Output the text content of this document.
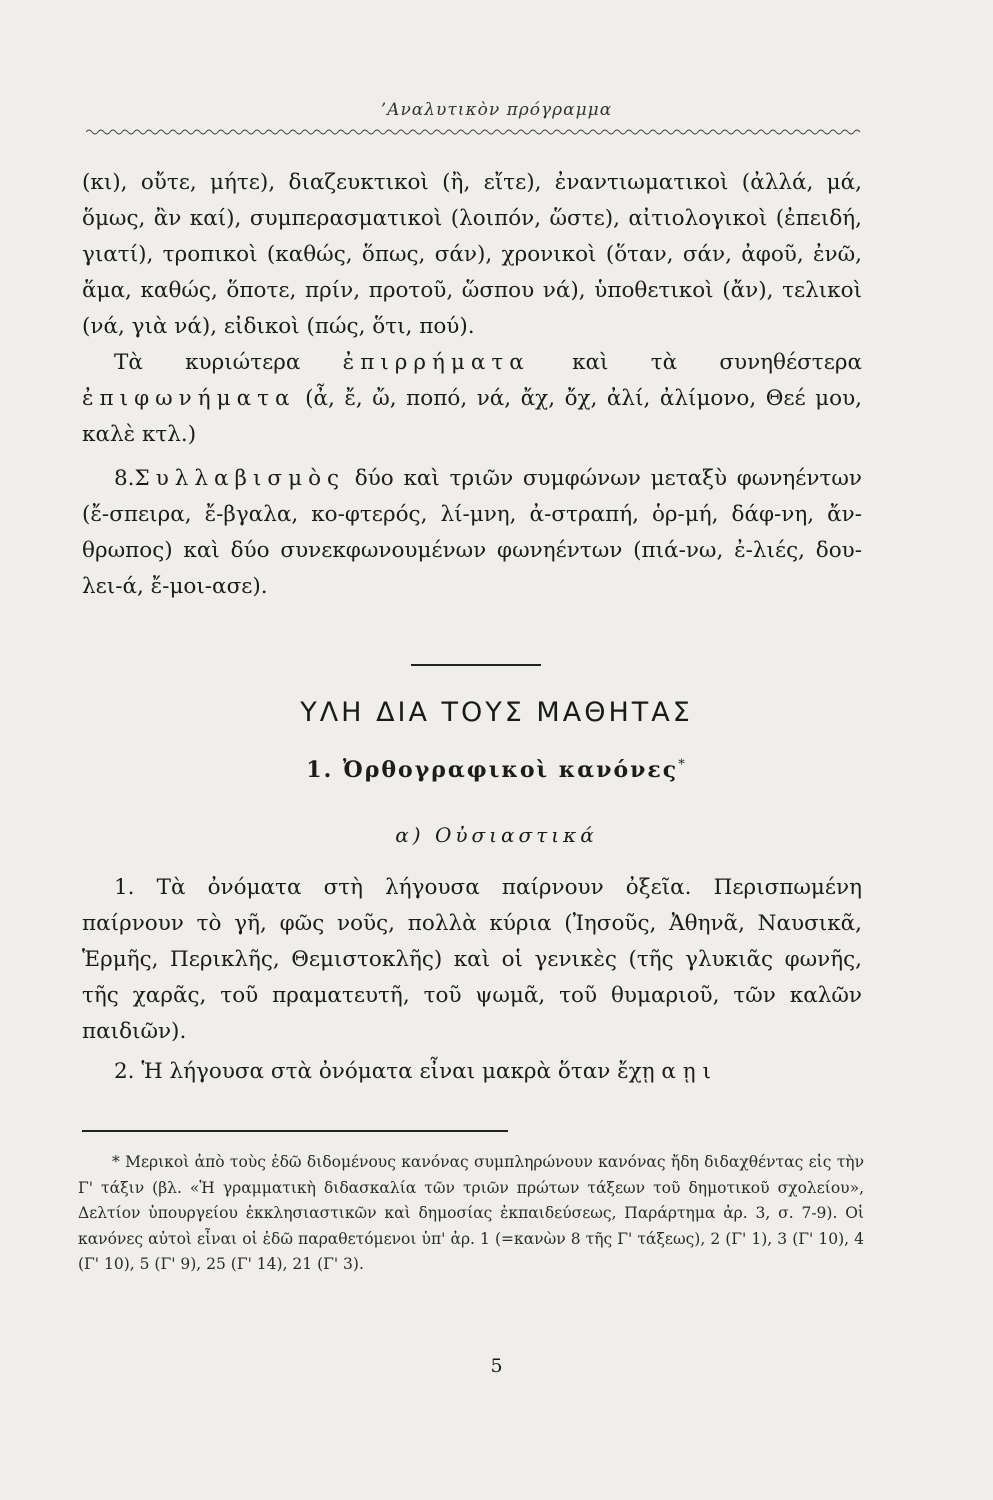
’Αναλυτικὸν πρόγραμμα

(κι), οὔτε, μήτε), διαζευκτικοὶ (ἢ, εἴτε), ἐναντιωματικοὶ (ἀλλά, μά, ὅμως, ἂν καί), συμπερασματικοὶ (λοιπόν, ὥστε), αἰτιολογικοὶ (ἐπειδή, γιατί), τροπικοὶ (καθώς, ὅπως, σάν), χρονικοὶ (ὅταν, σάν, ἀφοῦ, ἐνῶ, ἅμα, καθώς, ὅποτε, πρίν, προτοῦ, ὥσπου νά), ὑποθετικοὶ (ἄν), τελικοὶ (νά, γιὰ νά), εἰδικοὶ (πώς, ὅτι, πού).

Τὰ κυριώτερα ἐπιρρήματα καὶ τὰ συνηθέστερα ἐπιφωνήματα (ἆ, ἔ, ὤ, ποπό, νά, ἄχ, ὄχ, ἀλί, ἀλίμονο, Θεέ μου, καλὲ κτλ.)

8.Συλλαβισμὸς δύο καὶ τριῶν συμφώνων μεταξὺ φωνηέντων (ἔ-σπειρα, ἔ-βγαλα, κο-φτερός, λί-μνη, ἀ-στραπή, ὁρ-μή, δάφ-νη, ἄν-θρωπος) καὶ δύο συνεκφωνουμένων φωνηέντων (πιά-νω, ἐ-λιές, δου-λει-ά, ἔ-μοι-ασε).

ΥΛΗ ΔΙΑ ΤΟΥΣ ΜΑΘΗΤΑΣ
1. Ὀρθογραφικοὶ κανόνες*
α) Οὐσιαστικά

1. Τὰ ὀνόματα στὴ λήγουσα παίρνουν ὀξεῖα. Περισπωμένη παίρνουν τὸ γῆ, φῶς νοῦς, πολλὰ κύρια (Ἰησοῦς, Ἀθηνᾶ, Ναυσικᾶ, Ἑρμῆς, Περικλῆς, Θεμιστοκλῆς) καὶ οἱ γενικὲς (τῆς γλυκιᾶς φωνῆς, τῆς χαρᾶς, τοῦ πραματευτῆ, τοῦ ψωμᾶ, τοῦ θυμαριοῦ, τῶν καλῶν παιδιῶν).

2. Ἡ λήγουσα στὰ ὀνόματα εἶναι μακρὰ ὅταν ἔχῃ α ῃ ι

* Μερικοὶ ἀπὸ τοὺς ἐδῶ διδομένους κανόνας συμπληρώνουν κανόνας ἤδη διδαχθέντας εἰς τὴν Γ' τάξιν (βλ. «Ἡ γραμματικὴ διδασκαλία τῶν τριῶν πρώτων τάξεων τοῦ δημοτικοῦ σχολείου», Δελτίον ὑπουργείου ἐκκλησιαστικῶν καὶ δημοσίας ἐκπαιδεύσεως, Παράρτημα ἀρ. 3, σ. 7-9). Οἱ κανόνες αὐτοὶ εἶναι οἱ ἐδῶ παραθετόμενοι ὑπ' ἀρ. 1 (=κανὼν 8 τῆς Γ' τάξεως), 2 (Γ' 1), 3 (Γ' 10), 4 (Γ' 10), 5 (Γ' 9), 25 (Γ' 14), 21 (Γ' 3).
5
